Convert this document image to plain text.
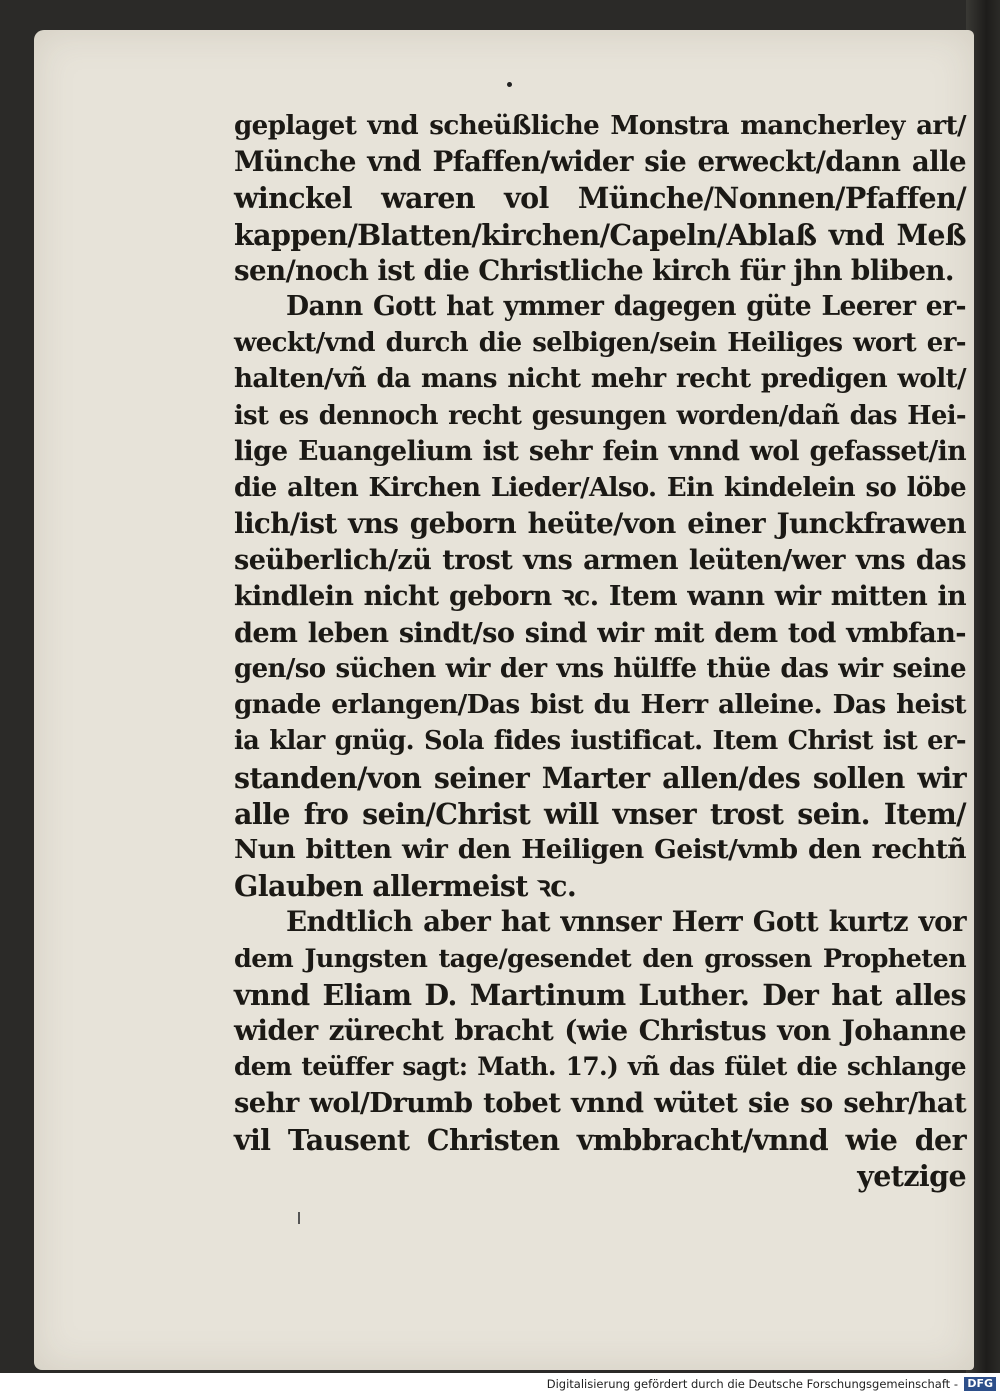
geplaget vnd scheüßliche Monstra mancherley art/
Münche vnd Pfaffen/wider sie erweckt/dann alle
winckel waren vol Münche/Nonnen/Pfaffen/
kappen/Blatten/kirchen/Capeln/Ablaß vnd Meß
sen/noch ist die Christliche kirch für jhn bliben.
Dann Gott hat ymmer dagegen güte Leerer er-
weckt/vnd durch die selbigen/sein Heiliges wort er-
halten/vñ da mans nicht mehr recht predigen wolt/
ist es dennoch recht gesungen worden/dañ das Hei-
lige Euangelium ist sehr fein vnnd wol gefasset/in
die alten Kirchen Lieder/Also. Ein kindelein so löbe
lich/ist vns geborn heüte/von einer Junckfrawen
seüberlich/zü trost vns armen leüten/wer vns das
kindlein nicht geborn ꝛc. Item wann wir mitten in
dem leben sindt/so sind wir mit dem tod vmbfan-
gen/so süchen wir der vns hülffe thüe das wir seine
gnade erlangen/Das bist du Herr alleine. Das heist
ia klar gnüg. Sola fides iustificat. Item Christ ist er-
standen/von seiner Marter allen/des sollen wir
alle fro sein/Christ will vnser trost sein. Item/
Nun bitten wir den Heiligen Geist/vmb den rechtñ
Glauben allermeist ꝛc.
Endtlich aber hat vnnser Herr Gott kurtz vor
dem Jungsten tage/gesendet den grossen Propheten
vnnd Eliam D. Martinum Luther. Der hat alles
wider zürecht bracht (wie Christus von Johanne
dem teüffer sagt: Math. 17.) vñ das fület die schlange
sehr wol/Drumb tobet vnnd wütet sie so sehr/hat
vil Tausent Christen vmbbracht/vnnd wie der
yetzige
Digitalisierung gefördert durch die Deutsche Forschungsgemeinschaft - DFG
